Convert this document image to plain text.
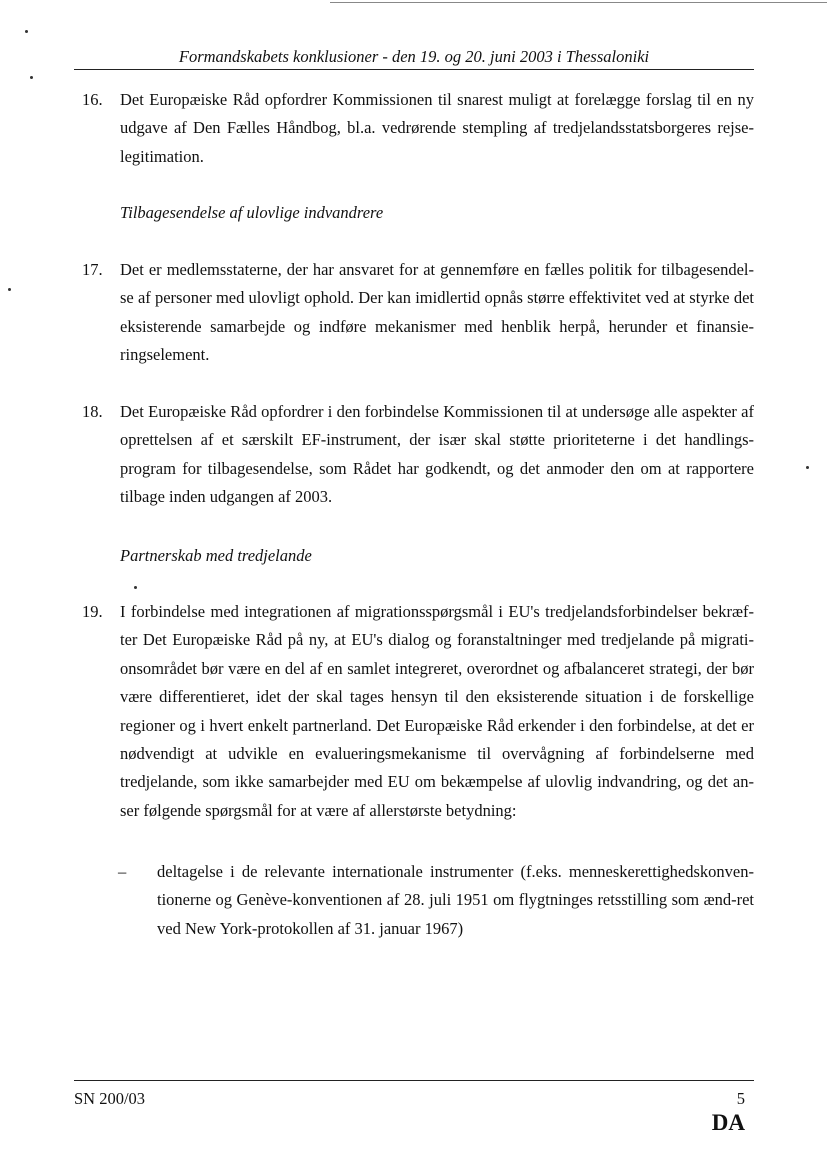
Formandskabets konklusioner - den 19. og 20. juni 2003 i Thessaloniki
16. Det Europæiske Råd opfordrer Kommissionen til snarest muligt at forelægge forslag til en ny udgave af Den Fælles Håndbog, bl.a. vedrørende stempling af tredjelandsstatsborgeres rejse-legitimation.
Tilbagesendelse af ulovlige indvandrere
17. Det er medlemsstaterne, der har ansvaret for at gennemføre en fælles politik for tilbagesendel-se af personer med ulovligt ophold. Der kan imidlertid opnås større effektivitet ved at styrke det eksisterende samarbejde og indføre mekanismer med henblik herpå, herunder et finansie-ringselement.
18. Det Europæiske Råd opfordrer i den forbindelse Kommissionen til at undersøge alle aspekter af oprettelsen af et særskilt EF-instrument, der især skal støtte prioriteterne i det handlings-program for tilbagesendelse, som Rådet har godkendt, og det anmoder den om at rapportere tilbage inden udgangen af 2003.
Partnerskab med tredjelande
19. I forbindelse med integrationen af migrationsspørgsmål i EU's tredjelandsforbindelser bekræf-ter Det Europæiske Råd på ny, at EU's dialog og foranstaltninger med tredjelande på migrati-onsområdet bør være en del af en samlet integreret, overordnet og afbalanceret strategi, der bør være differentieret, idet der skal tages hensyn til den eksisterende situation i de forskellige regioner og i hvert enkelt partnerland. Det Europæiske Råd erkender i den forbindelse, at det er nødvendigt at udvikle en evalueringsmekanisme til overvågning af forbindelserne med tredjelande, som ikke samarbejder med EU om bekæmpelse af ulovlig indvandring, og det an-ser følgende spørgsmål for at være af allerstørste betydning:
– deltagelse i de relevante internationale instrumenter (f.eks. menneskerettighedskonven-tionerne og Genève-konventionen af 28. juli 1951 om flygtninges retsstilling som ænd-ret ved New York-protokollen af 31. januar 1967)
SN 200/03	5
DA
